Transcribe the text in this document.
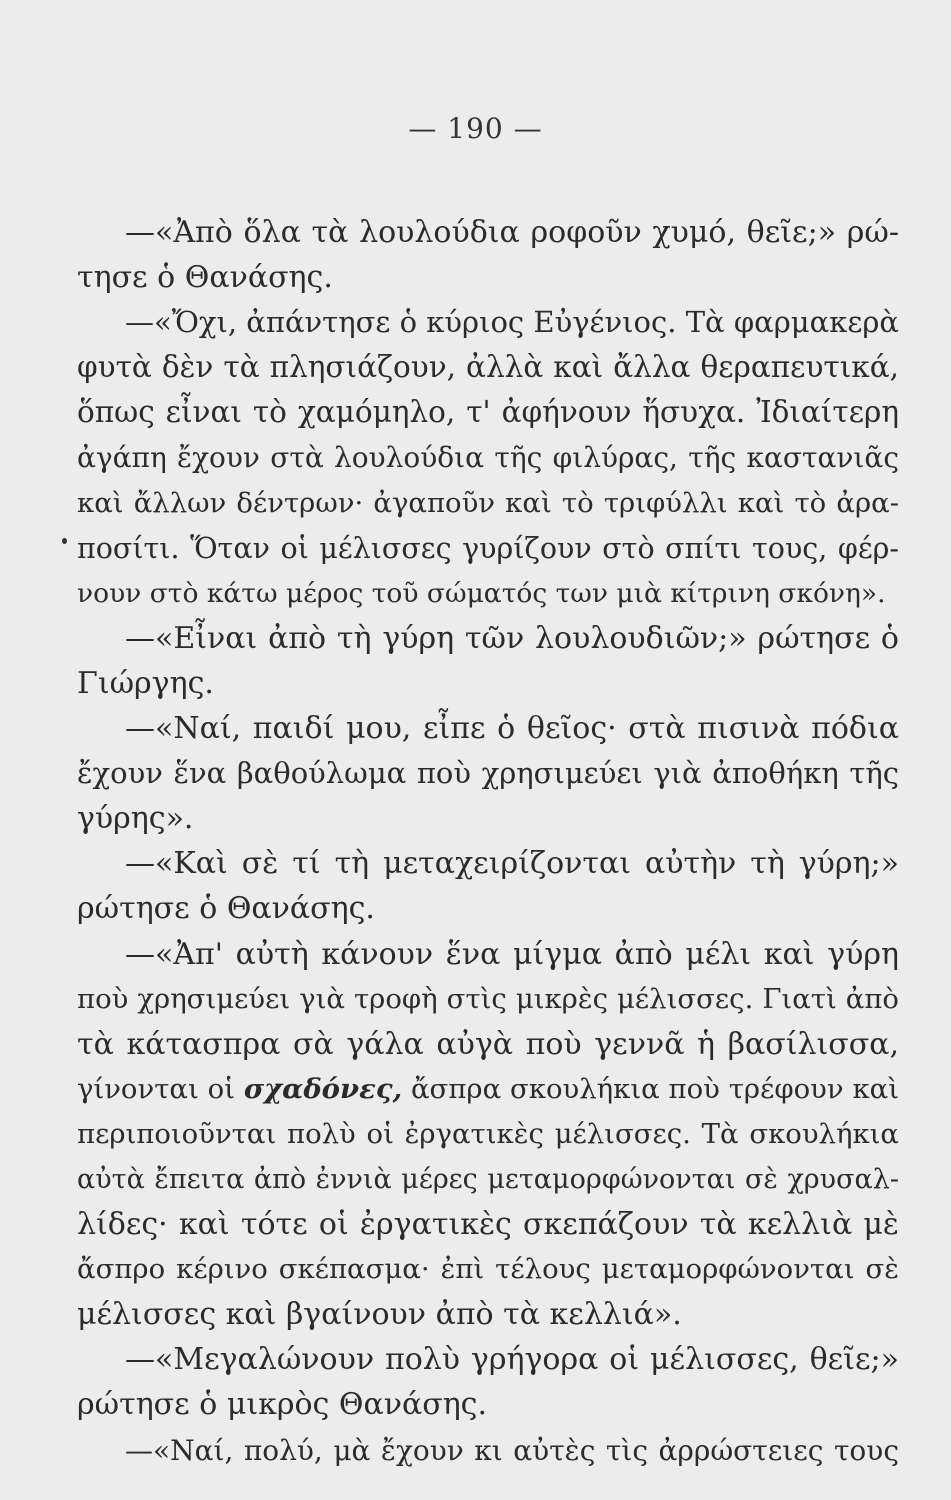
— 190 —
—«Ἀπὸ ὅλα τὰ λουλούδια ροφοῦν χυμό, θεῖε;» ρώ-
τησε ὁ Θανάσης.
—«Ὄχι, ἀπάντησε ὁ κύριος Εὐγένιος. Τὰ φαρμακερὰ
φυτὰ δὲν τὰ πλησιάζουν, ἀλλὰ καὶ ἄλλα θεραπευτικά,
ὅπως εἶναι τὸ χαμόμηλο, τ' ἀφήνουν ἥσυχα. Ἰδιαίτερη
ἀγάπη ἔχουν στὰ λουλούδια τῆς φιλύρας, τῆς καστανιᾶς
καὶ ἄλλων δέντρων· ἀγαποῦν καὶ τὸ τριφύλλι καὶ τὸ ἀρα-
ποσίτι. Ὅταν οἱ μέλισσες γυρίζουν στὸ σπίτι τους, φέρ-
νουν στὸ κάτω μέρος τοῦ σώματός των μιὰ κίτρινη σκόνη».
—«Εἶναι ἀπὸ τὴ γύρη τῶν λουλουδιῶν;» ρώτησε ὁ
Γιώργης.
—«Ναί, παιδί μου, εἶπε ὁ θεῖος· στὰ πισινὰ πόδια
ἔχουν ἕνα βαθούλωμα ποὺ χρησιμεύει γιὰ ἀποθήκη τῆς
γύρης».
—«Καὶ σὲ τί τὴ μεταχειρίζονται αὐτὴν τὴ γύρη;»
ρώτησε ὁ Θανάσης.
—«Ἀπ' αὐτὴ κάνουν ἕνα μίγμα ἀπὸ μέλι καὶ γύρη
ποὺ χρησιμεύει γιὰ τροφὴ στὶς μικρὲς μέλισσες. Γιατὶ ἀπὸ
τὰ κάτασπρα σὰ γάλα αὐγὰ ποὺ γεννᾶ ἡ βασίλισσα,
γίνονται οἱ σχαδόνες, ἄσπρα σκουλήκια ποὺ τρέφουν καὶ
περιποιοῦνται πολὺ οἱ ἐργατικὲς μέλισσες. Τὰ σκουλήκια
αὐτὰ ἔπειτα ἀπὸ ἐννιὰ μέρες μεταμορφώνονται σὲ χρυσαλ-
λίδες· καὶ τότε οἱ ἐργατικὲς σκεπάζουν τὰ κελλιὰ μὲ
ἄσπρο κέρινο σκέπασμα· ἐπὶ τέλους μεταμορφώνονται σὲ
μέλισσες καὶ βγαίνουν ἀπὸ τὰ κελλιά».
—«Μεγαλώνουν πολὺ γρήγορα οἱ μέλισσες, θεῖε;»
ρώτησε ὁ μικρὸς Θανάσης.
—«Ναί, πολύ, μὰ ἔχουν κι αὐτὲς τὶς ἀρρώστειες τους
